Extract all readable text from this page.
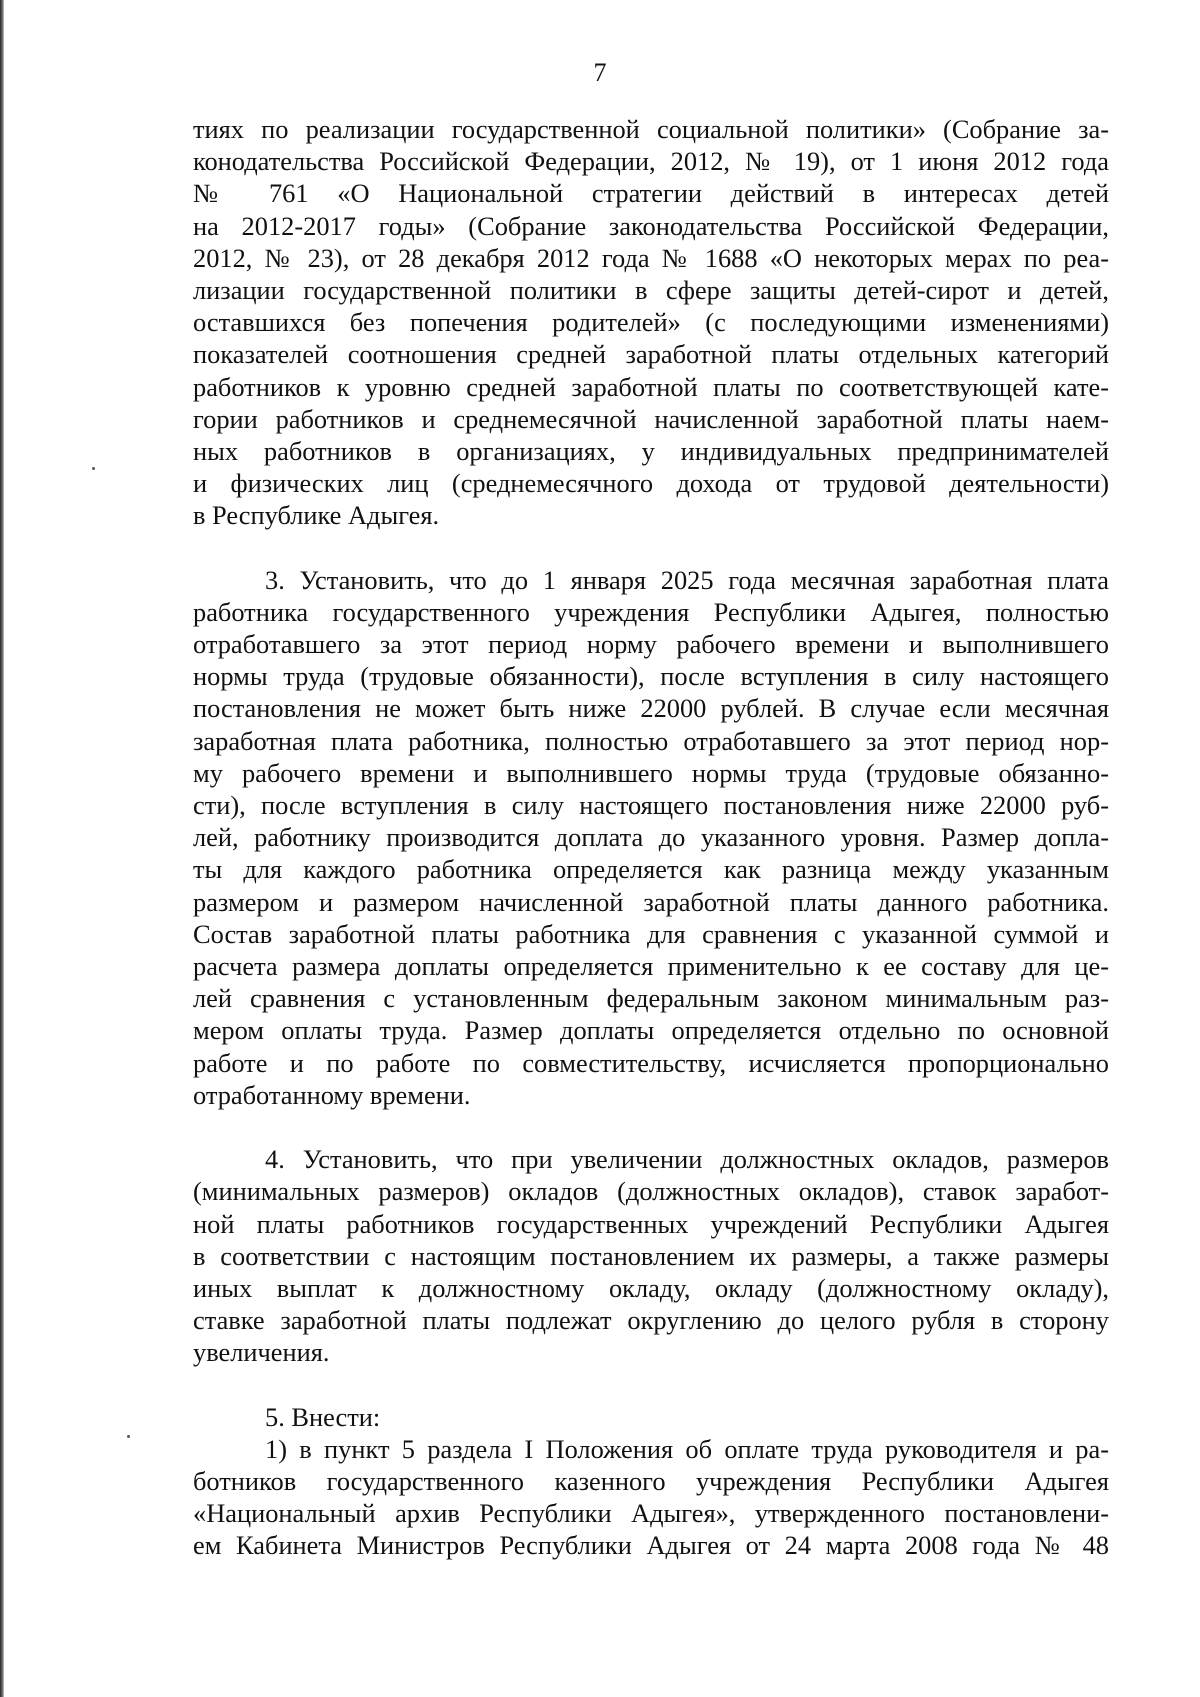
7

тиях по реализации государственной социальной политики» (Собрание за-

конодательства Российской Федерации, 2012, № 19), от 1 июня 2012 года

№ 761 «О Национальной стратегии действий в интересах детей

на 2012-2017 годы» (Собрание законодательства Российской Федерации,

2012, № 23), от 28 декабря 2012 года № 1688 «О некоторых мерах по реа-

лизации государственной политики в сфере защиты детей-сирот и детей,

оставшихся без попечения родителей» (с последующими изменениями)

показателей соотношения средней заработной платы отдельных категорий

работников к уровню средней заработной платы по соответствующей кате-

гории работников и среднемесячной начисленной заработной платы наем-

ных работников в организациях, у индивидуальных предпринимателей

и физических лиц (среднемесячного дохода от трудовой деятельности)

в Республике Адыгея.

3. Установить, что до 1 января 2025 года месячная заработная плата

работника государственного учреждения Республики Адыгея, полностью

отработавшего за этот период норму рабочего времени и выполнившего

нормы труда (трудовые обязанности), после вступления в силу настоящего

постановления не может быть ниже 22000 рублей. В случае если месячная

заработная плата работника, полностью отработавшего за этот период нор-

му рабочего времени и выполнившего нормы труда (трудовые обязанно-

сти), после вступления в силу настоящего постановления ниже 22000 руб-

лей, работнику производится доплата до указанного уровня. Размер допла-

ты для каждого работника определяется как разница между указанным

размером и размером начисленной заработной платы данного работника.

Состав заработной платы работника для сравнения с указанной суммой и

расчета размера доплаты определяется применительно к ее составу для це-

лей сравнения с установленным федеральным законом минимальным раз-

мером оплаты труда. Размер доплаты определяется отдельно по основной

работе и по работе по совместительству, исчисляется пропорционально

отработанному времени.

4. Установить, что при увеличении должностных окладов, размеров

(минимальных размеров) окладов (должностных окладов), ставок заработ-

ной платы работников государственных учреждений Республики Адыгея

в соответствии с настоящим постановлением их размеры, а также размеры

иных выплат к должностному окладу, окладу (должностному окладу),

ставке заработной платы подлежат округлению до целого рубля в сторону

увеличения.

5. Внести:

1) в пункт 5 раздела I Положения об оплате труда руководителя и ра-

ботников государственного казенного учреждения Республики Адыгея

«Национальный архив Республики Адыгея», утвержденного постановлени-

ем Кабинета Министров Республики Адыгея от 24 марта 2008 года № 48
